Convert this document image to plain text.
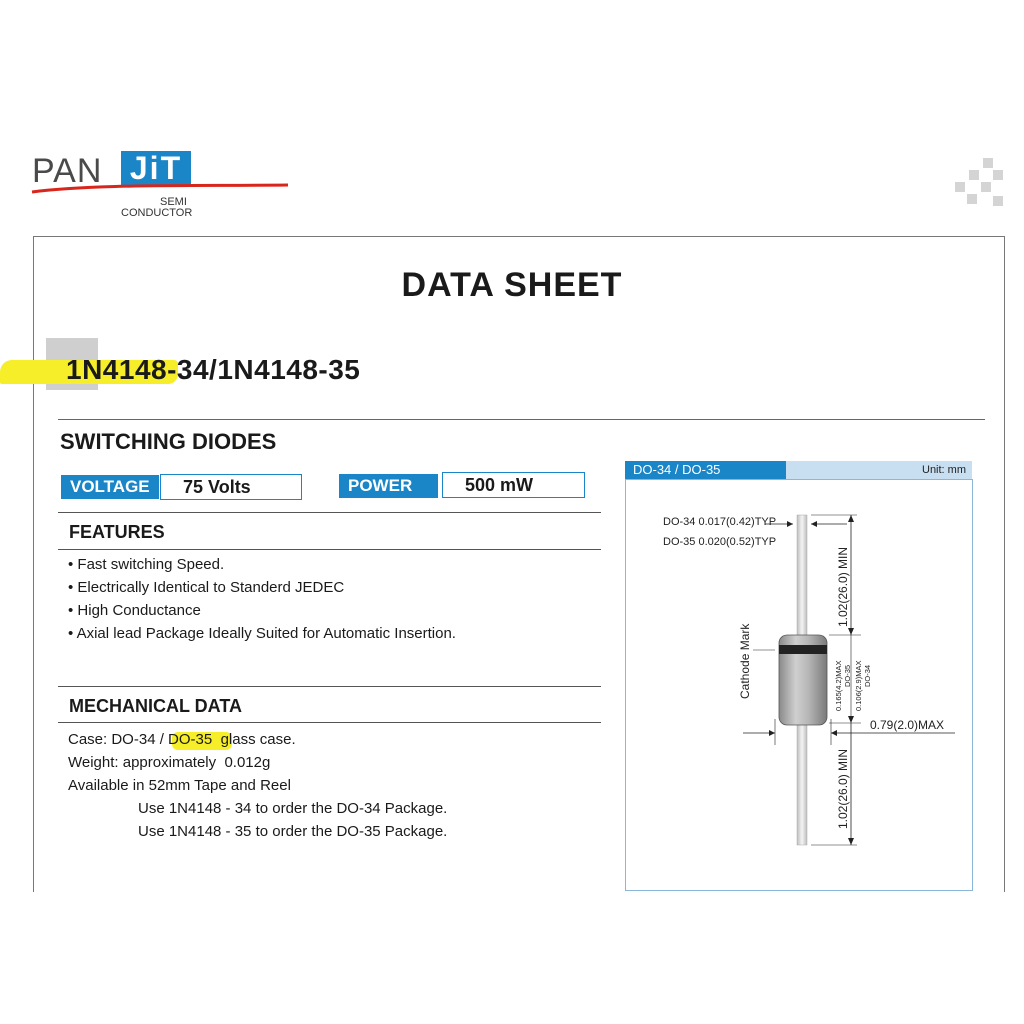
PAN JiT
SEMI
CONDUCTOR
DATA SHEET
1N4148-34/1N4148-35
SWITCHING DIODES
VOLTAGE	75 Volts	POWER	500 mW
FEATURES
• Fast switching Speed.
• Electrically Identical to Standerd JEDEC
• High Conductance
• Axial lead Package Ideally Suited for Automatic Insertion.
MECHANICAL DATA
Case: DO-34 / DO-35  glass case.
Weight: approximately  0.012g
Available in 52mm Tape and Reel
Use 1N4148 - 34 to order the DO-34 Package.
Use 1N4148 - 35 to order the DO-35 Package.
DO-34 / DO-35	Unit: mm
DO-34 0.017(0.42)TYP
DO-35 0.020(0.52)TYP
1.02(26.0) MIN
1.02(26.0) MIN
Cathode Mark	0.165(4.2)MAX DO-35 0.106(2.9)MAX DO-34
0.79(2.0)MAX
